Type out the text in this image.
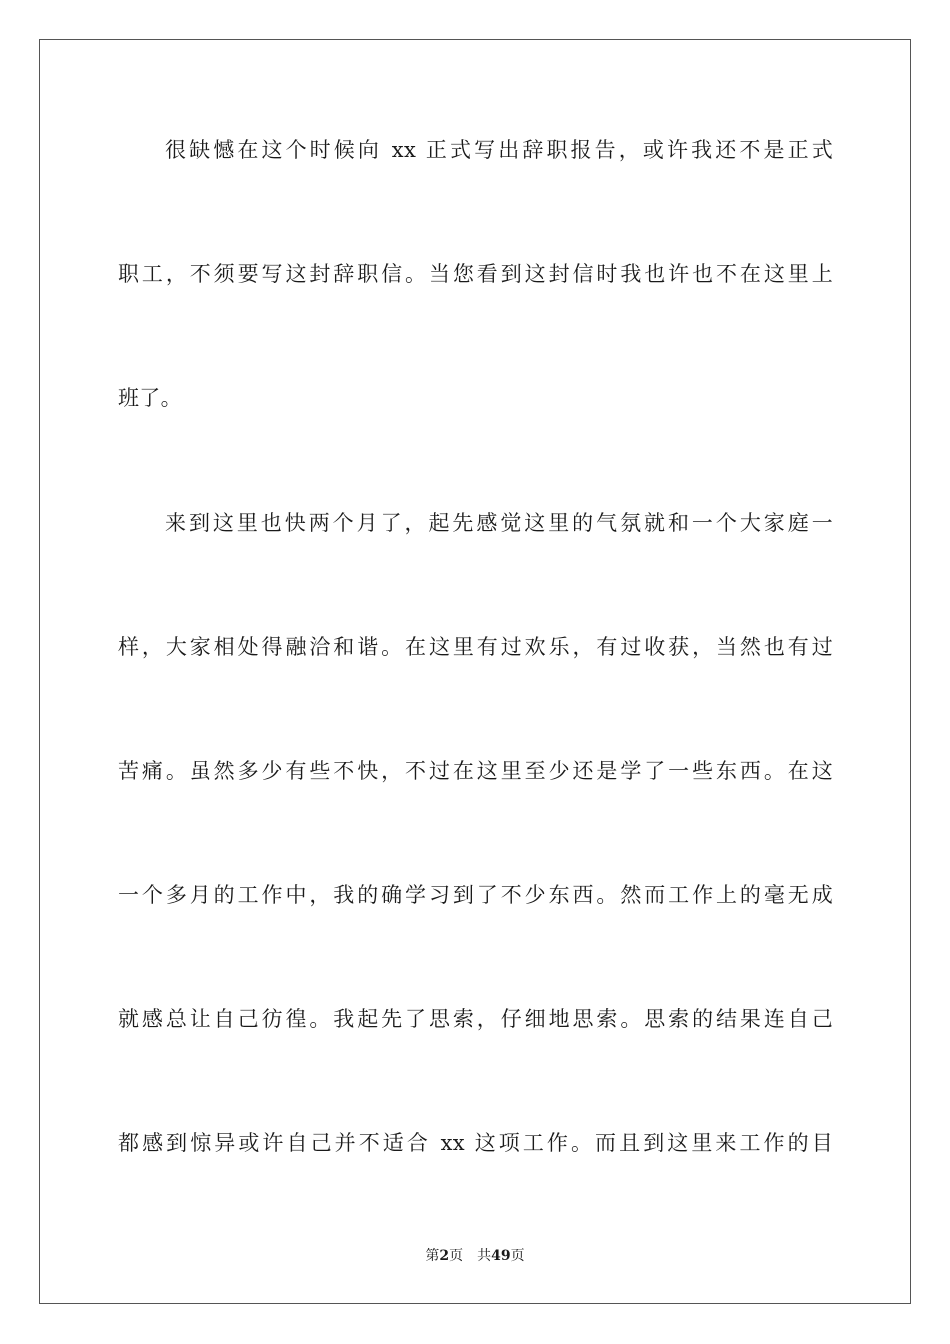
很缺憾在这个时候向 xx 正式写出辞职报告，或许我还不是正式
职工，不须要写这封辞职信。当您看到这封信时我也许也不在这里上
班了。
来到这里也快两个月了，起先感觉这里的气氛就和一个大家庭一
样，大家相处得融洽和谐。在这里有过欢乐，有过收获，当然也有过
苦痛。虽然多少有些不快，不过在这里至少还是学了一些东西。在这
一个多月的工作中，我的确学习到了不少东西。然而工作上的毫无成
就感总让自己彷徨。我起先了思索，仔细地思索。思索的结果连自己
都感到惊异或许自己并不适合 xx 这项工作。而且到这里来工作的目
第2页 共49页
